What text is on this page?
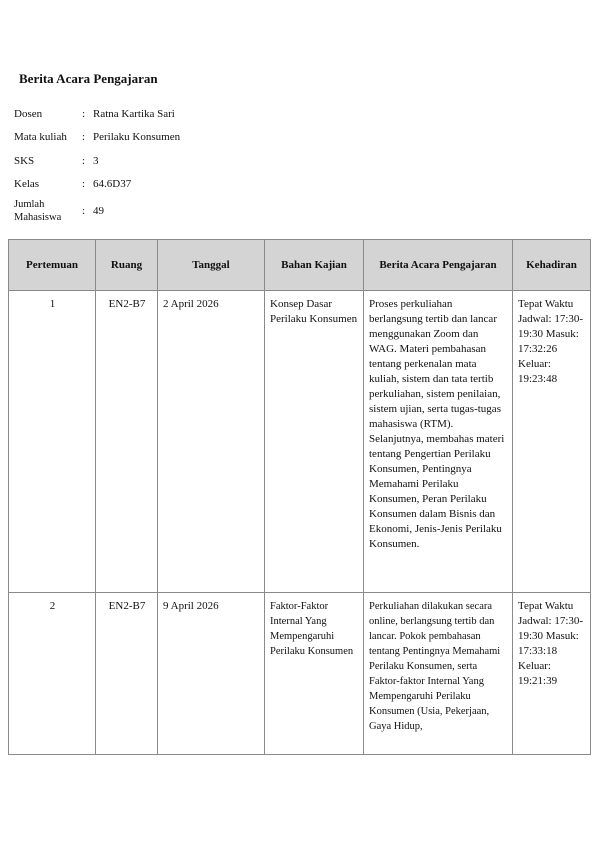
Berita Acara Pengajaran
Dosen	:	Ratna Kartika Sari
Mata kuliah	:	Perilaku Konsumen
SKS	:	3
Kelas	:	64.6D37
Jumlah Mahasiswa	:	49
Pertemuan	Ruang	Tanggal	Bahan Kajian	Berita Acara Pengajaran	Kehadiran
1	EN2-B7	2 April 2026	Konsep Dasar Perilaku Konsumen	Proses perkuliahan berlangsung tertib dan lancar menggunakan Zoom dan WAG. Materi pembahasan tentang perkenalan mata kuliah, sistem dan tata tertib perkuliahan, sistem penilaian, sistem ujian, serta tugas-tugas mahasiswa (RTM). Selanjutnya, membahas materi tentang Pengertian Perilaku Konsumen, Pentingnya Memahami Perilaku Konsumen, Peran Perilaku Konsumen dalam Bisnis dan Ekonomi, Jenis-Jenis Perilaku Konsumen.	Tepat Waktu Jadwal: 17:30-19:30 Masuk: 17:32:26 Keluar: 19:23:48
2	EN2-B7	9 April 2026	Faktor-Faktor Internal Yang Mempengaruhi Perilaku Konsumen	Perkuliahan dilakukan secara online, berlangsung tertib dan lancar. Pokok pembahasan tentang Pentingnya Memahami Perilaku Konsumen, serta Faktor-faktor Internal Yang Mempengaruhi Perilaku Konsumen (Usia, Pekerjaan, Gaya Hidup,	Tepat Waktu Jadwal: 17:30-19:30 Masuk: 17:33:18 Keluar: 19:21:39
